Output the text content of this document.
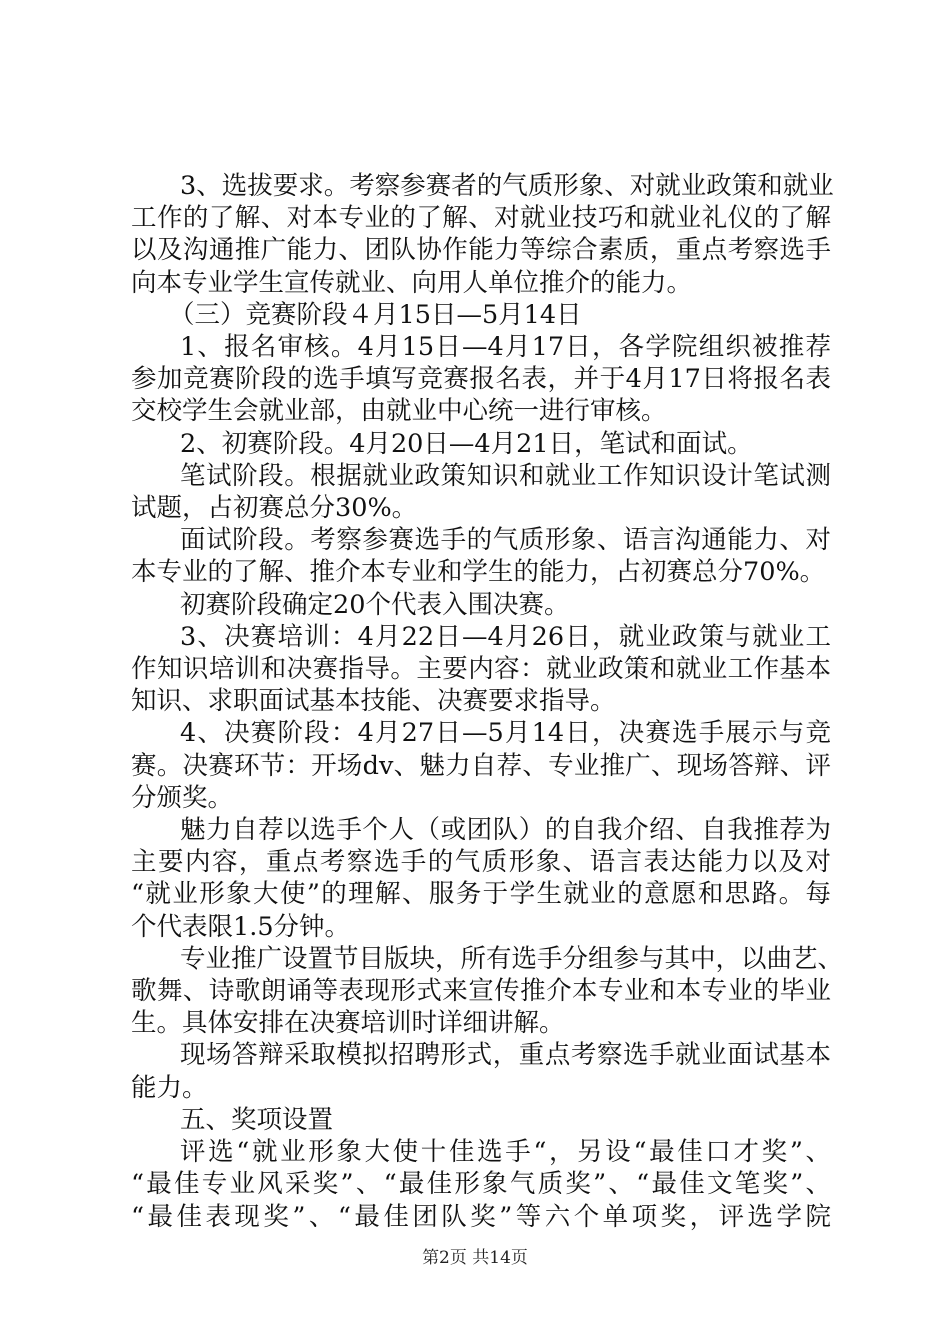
3、选拔要求。考察参赛者的气质形象、对就业政策和就业
工作的了解、对本专业的了解、对就业技巧和就业礼仪的了解
以及沟通推广能力、团队协作能力等综合素质，重点考察选手
向本专业学生宣传就业、向用人单位推介的能力。
（三）竞赛阶段４月15日—5月14日
1、报名审核。4月15日—4月17日，各学院组织被推荐
参加竞赛阶段的选手填写竞赛报名表，并于4月17日将报名表
交校学生会就业部，由就业中心统一进行审核。
2、初赛阶段。4月20日—4月21日，笔试和面试。
笔试阶段。根据就业政策知识和就业工作知识设计笔试测
试题，占初赛总分30%。
面试阶段。考察参赛选手的气质形象、语言沟通能力、对
本专业的了解、推介本专业和学生的能力，占初赛总分70%。
初赛阶段确定20个代表入围决赛。
3、决赛培训：4月22日—4月26日，就业政策与就业工
作知识培训和决赛指导。主要内容：就业政策和就业工作基本
知识、求职面试基本技能、决赛要求指导。
4、决赛阶段：4月27日—5月14日，决赛选手展示与竞
赛。决赛环节：开场dv、魅力自荐、专业推广、现场答辩、评
分颁奖。
魅力自荐以选手个人（或团队）的自我介绍、自我推荐为
主要内容，重点考察选手的气质形象、语言表达能力以及对
“就业形象大使”的理解、服务于学生就业的意愿和思路。每
个代表限1.5分钟。
专业推广设置节目版块，所有选手分组参与其中，以曲艺、
歌舞、诗歌朗诵等表现形式来宣传推介本专业和本专业的毕业
生。具体安排在决赛培训时详细讲解。
现场答辩采取模拟招聘形式，重点考察选手就业面试基本
能力。
五、奖项设置
评选“就业形象大使十佳选手“，另设“最佳口才奖”、
“最佳专业风采奖”、“最佳形象气质奖”、“最佳文笔奖”、
“最佳表现奖”、“最佳团队奖”等六个单项奖，评选学院
第2页 共14页
